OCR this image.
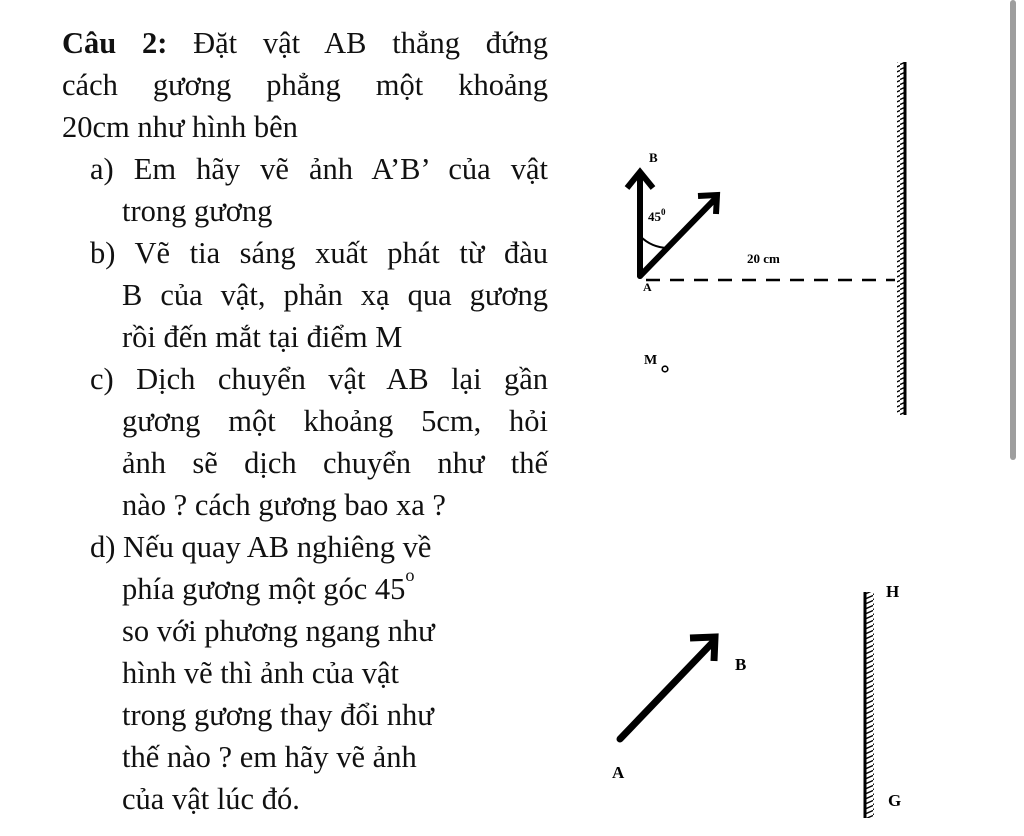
Câu 2: Đặt vật AB thẳng đứng
cách gương phẳng một khoảng
20cm như hình bên
a) Em hãy vẽ ảnh A’B’ của vật
trong gương
b) Vẽ tia sáng xuất phát từ đàu
B của vật, phản xạ qua gương
rồi đến mắt tại điểm M
c) Dịch chuyển vật AB lại gần
gương một khoảng 5cm, hỏi
ảnh sẽ dịch chuyển như thế
nào ? cách gương bao xa ?
d) Nếu quay AB nghiêng về
phía gương một góc 45$^o$
so với phương ngang như
hình vẽ thì ảnh của vật
trong gương thay đổi như
thế nào ? em hãy vẽ ảnh
của vật lúc đó.
B
A
$45^0$
20 cm
M
A
B
H
G
